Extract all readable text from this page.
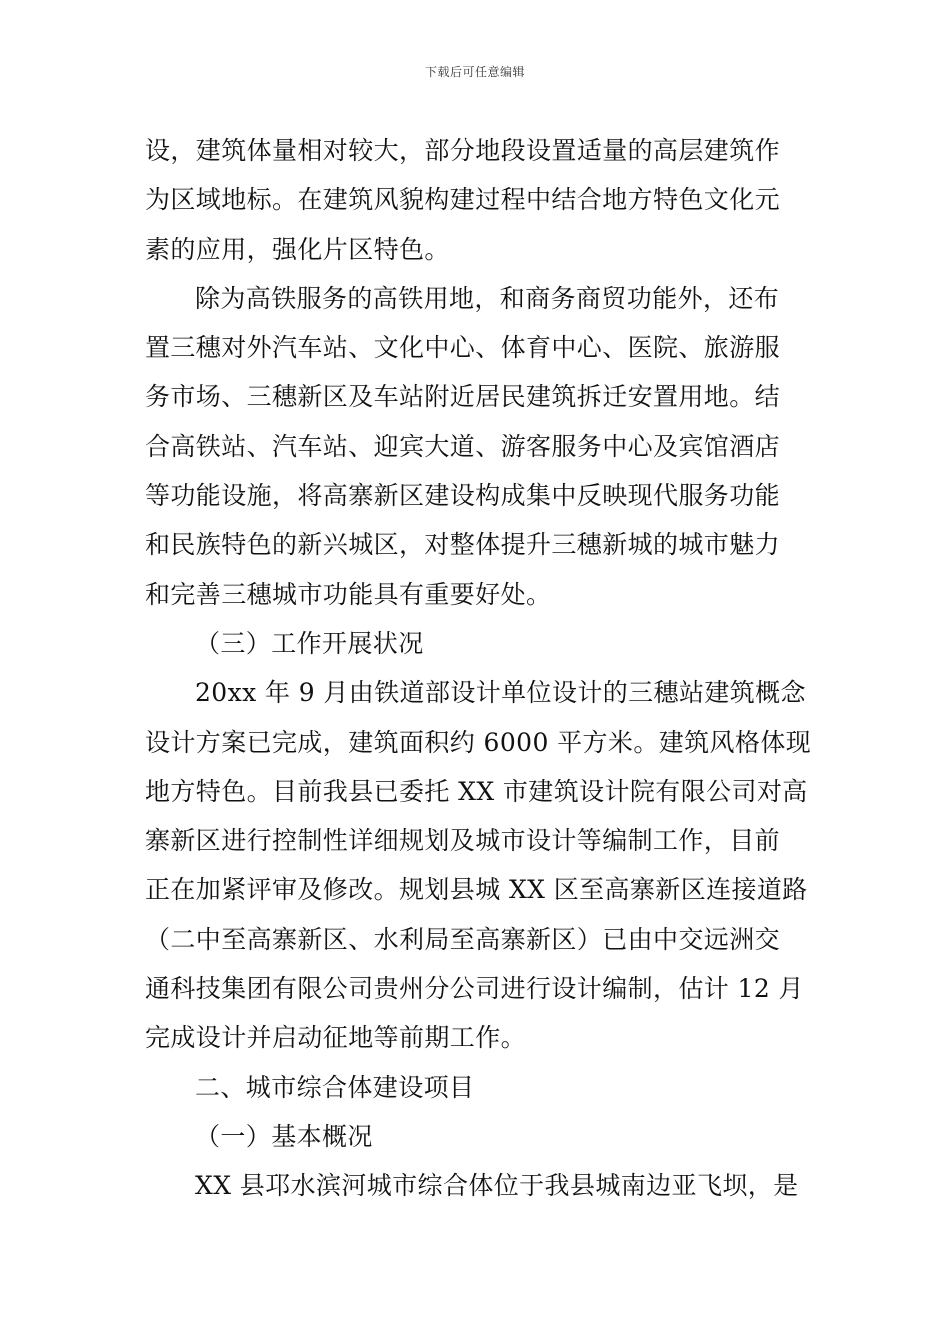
下载后可任意编辑
设，建筑体量相对较大，部分地段设置适量的高层建筑作
为区域地标。在建筑风貌构建过程中结合地方特色文化元
素的应用，强化片区特色。
除为高铁服务的高铁用地，和商务商贸功能外，还布
置三穗对外汽车站、文化中心、体育中心、医院、旅游服
务市场、三穗新区及车站附近居民建筑拆迁安置用地。结
合高铁站、汽车站、迎宾大道、游客服务中心及宾馆酒店
等功能设施，将高寨新区建设构成集中反映现代服务功能
和民族特色的新兴城区，对整体提升三穗新城的城市魅力
和完善三穗城市功能具有重要好处。
（三）工作开展状况
20xx 年 9 月由铁道部设计单位设计的三穗站建筑概念
设计方案已完成，建筑面积约 6000 平方米。建筑风格体现
地方特色。目前我县已委托 XX 市建筑设计院有限公司对高
寨新区进行控制性详细规划及城市设计等编制工作，目前
正在加紧评审及修改。规划县城 XX 区至高寨新区连接道路
（二中至高寨新区、水利局至高寨新区）已由中交远洲交
通科技集团有限公司贵州分公司进行设计编制，估计 12 月
完成设计并启动征地等前期工作。
二、城市综合体建设项目
（一）基本概况
XX 县邛水滨河城市综合体位于我县城南边亚飞坝，是
